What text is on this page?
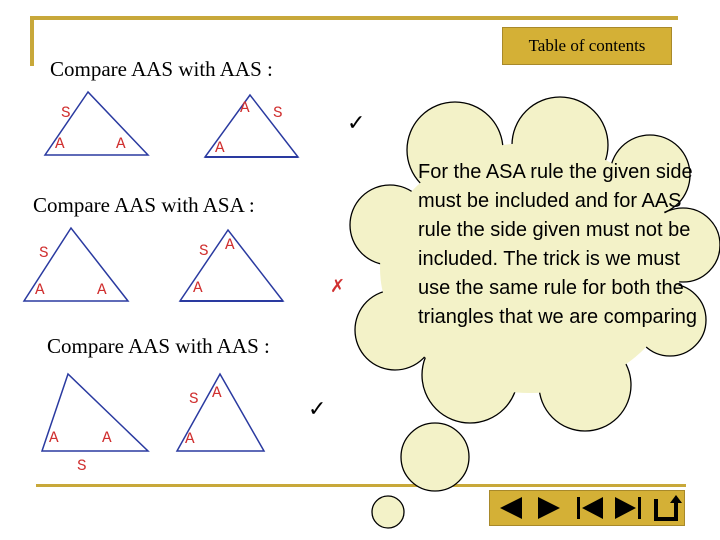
Table of contents
Compare AAS with AAS :
Compare AAS with ASA :
Compare AAS with AAS :
S
A	A
A S
A
S
A	A
S A
A
A	A
S
S A
A
✓
✗
✓
For the ASA rule the given side must be included and for AAS rule the side given must not be included. The trick is we must use the same rule for both the triangles that we are comparing
